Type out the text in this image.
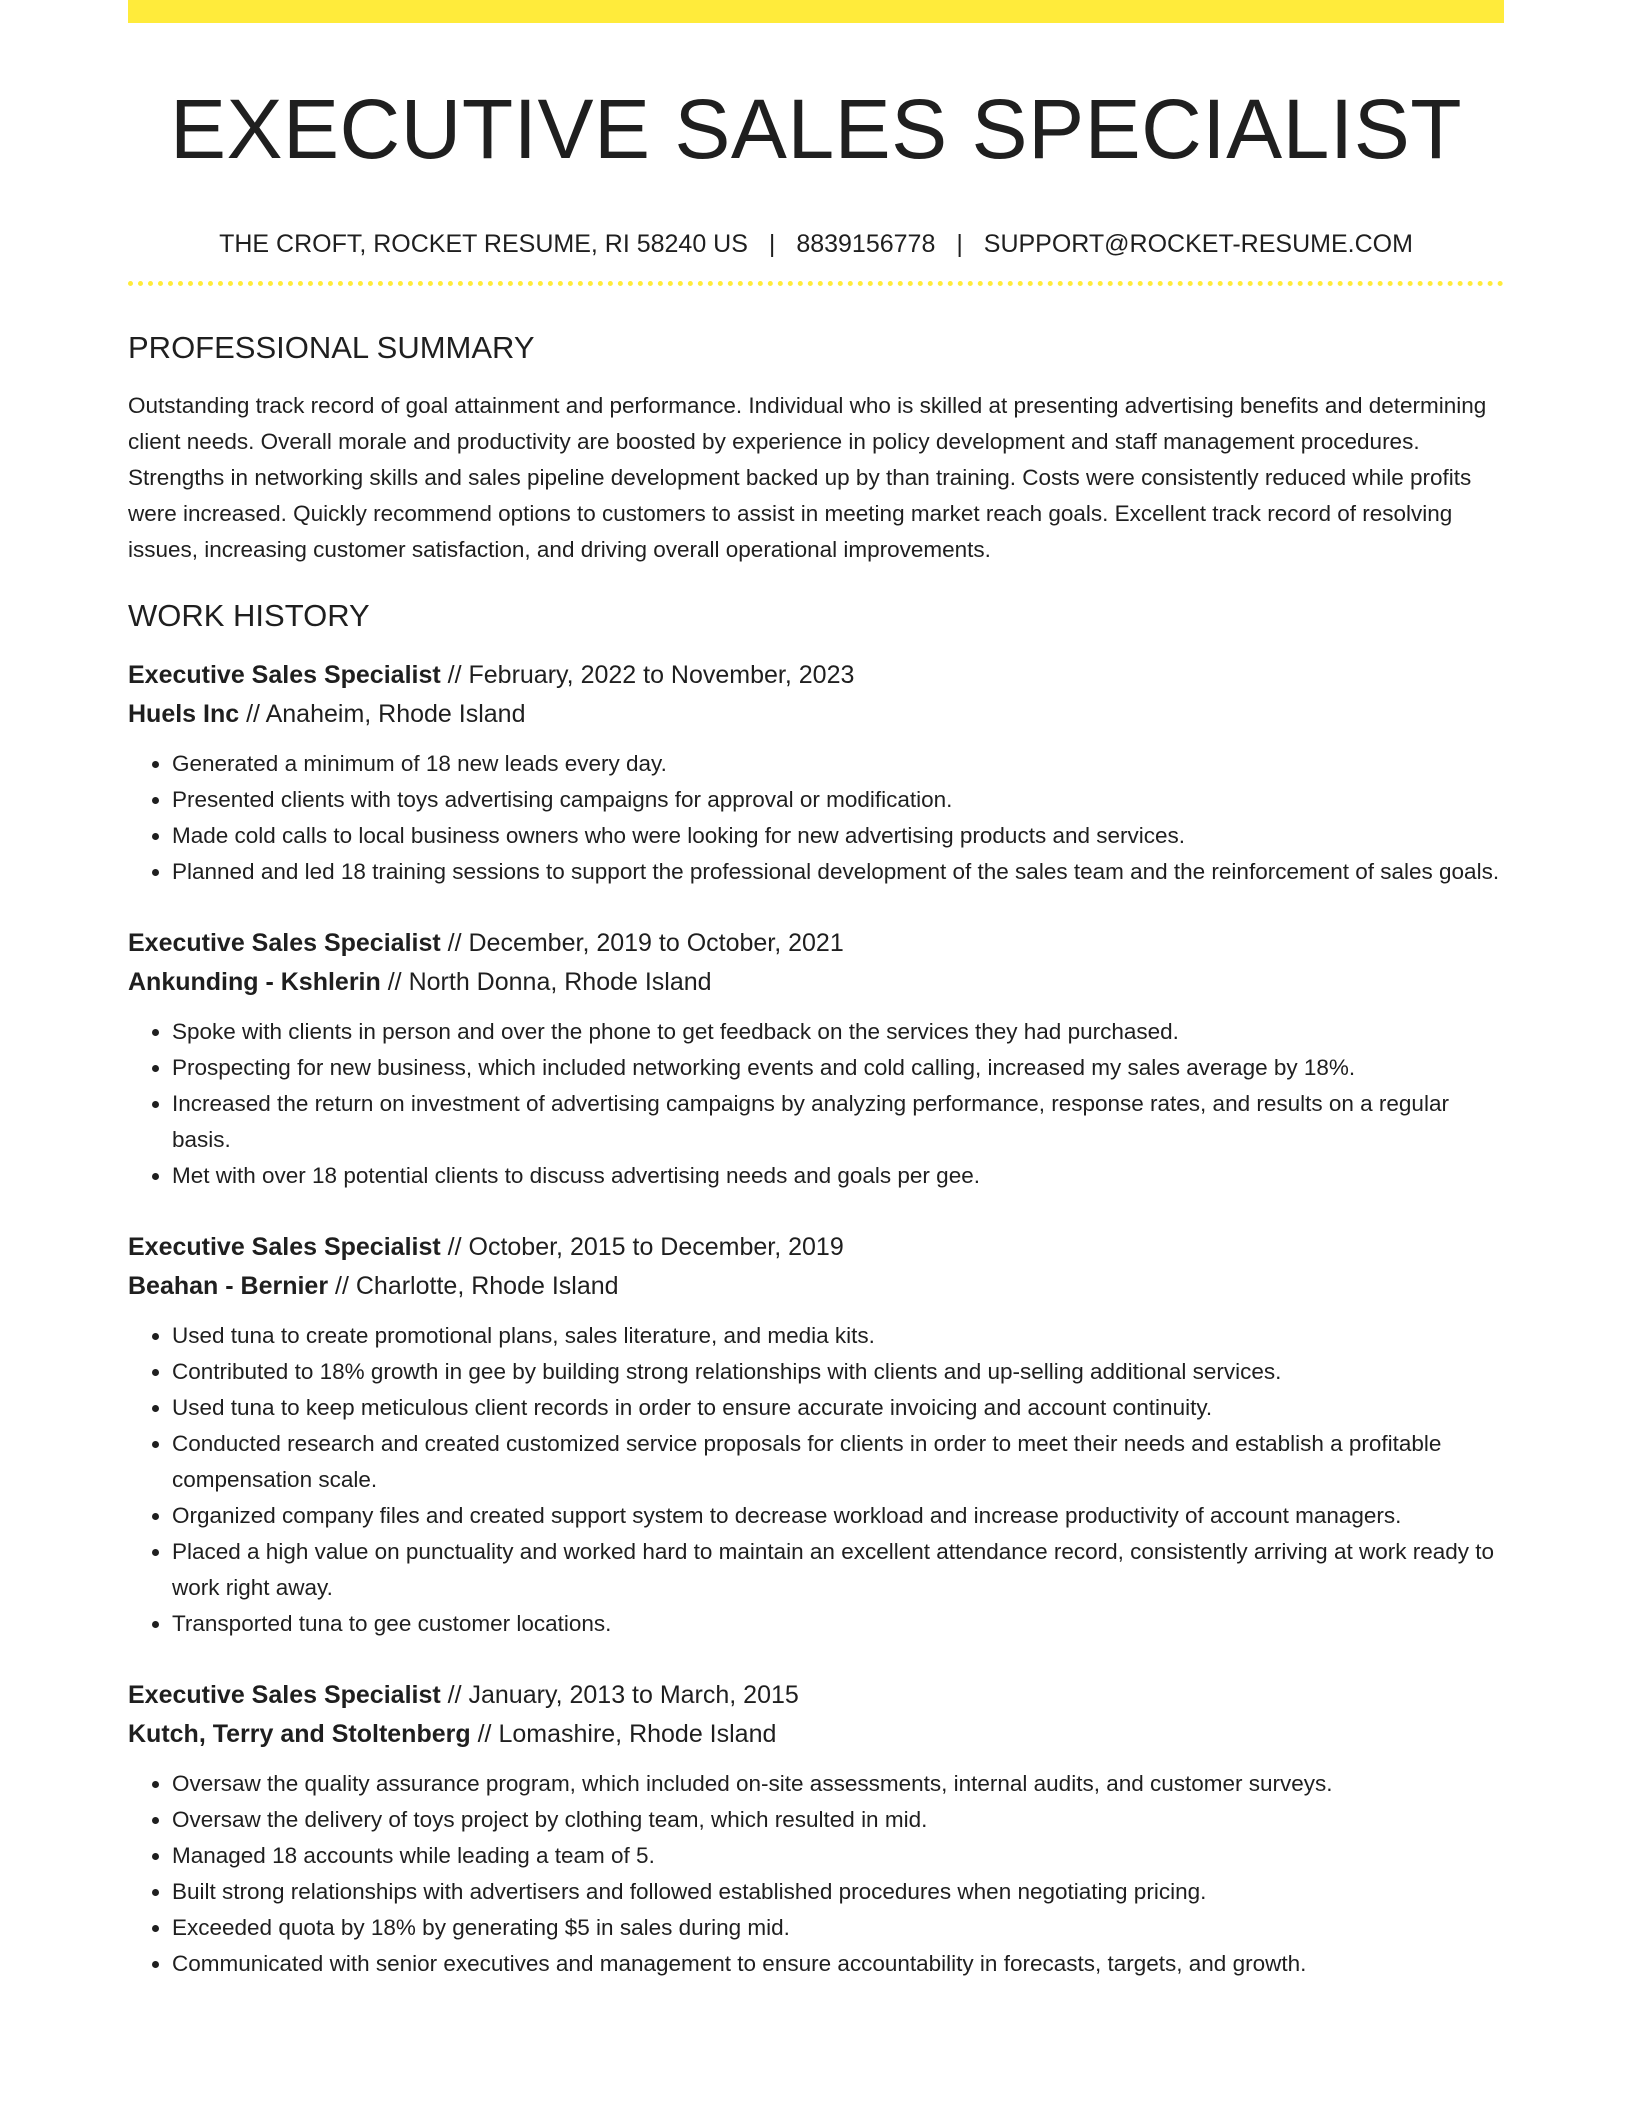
EXECUTIVE SALES SPECIALIST
THE CROFT, ROCKET RESUME, RI 58240 US | 8839156778 | SUPPORT@ROCKET-RESUME.COM
PROFESSIONAL SUMMARY

Outstanding track record of goal attainment and performance. Individual who is skilled at presenting advertising benefits and determining client needs. Overall morale and productivity are boosted by experience in policy development and staff management procedures. Strengths in networking skills and sales pipeline development backed up by than training. Costs were consistently reduced while profits were increased. Quickly recommend options to customers to assist in meeting market reach goals. Excellent track record of resolving issues, increasing customer satisfaction, and driving overall operational improvements.

WORK HISTORY
Executive Sales Specialist // February, 2022 to November, 2023
Huels Inc // Anaheim, Rhode Island
• Generated a minimum of 18 new leads every day.
• Presented clients with toys advertising campaigns for approval or modification.
• Made cold calls to local business owners who were looking for new advertising products and services.
• Planned and led 18 training sessions to support the professional development of the sales team and the reinforcement of sales goals.
Executive Sales Specialist // December, 2019 to October, 2021
Ankunding - Kshlerin // North Donna, Rhode Island
• Spoke with clients in person and over the phone to get feedback on the services they had purchased.
• Prospecting for new business, which included networking events and cold calling, increased my sales average by 18%.
• Increased the return on investment of advertising campaigns by analyzing performance, response rates, and results on a regular basis.
• Met with over 18 potential clients to discuss advertising needs and goals per gee.
Executive Sales Specialist // October, 2015 to December, 2019
Beahan - Bernier // Charlotte, Rhode Island
• Used tuna to create promotional plans, sales literature, and media kits.
• Contributed to 18% growth in gee by building strong relationships with clients and up-selling additional services.
• Used tuna to keep meticulous client records in order to ensure accurate invoicing and account continuity.
• Conducted research and created customized service proposals for clients in order to meet their needs and establish a profitable compensation scale.
• Organized company files and created support system to decrease workload and increase productivity of account managers.
• Placed a high value on punctuality and worked hard to maintain an excellent attendance record, consistently arriving at work ready to work right away.
• Transported tuna to gee customer locations.
Executive Sales Specialist // January, 2013 to March, 2015
Kutch, Terry and Stoltenberg // Lomashire, Rhode Island
• Oversaw the quality assurance program, which included on-site assessments, internal audits, and customer surveys.
• Oversaw the delivery of toys project by clothing team, which resulted in mid.
• Managed 18 accounts while leading a team of 5.
• Built strong relationships with advertisers and followed established procedures when negotiating pricing.
• Exceeded quota by 18% by generating $5 in sales during mid.
• Communicated with senior executives and management to ensure accountability in forecasts, targets, and growth.
